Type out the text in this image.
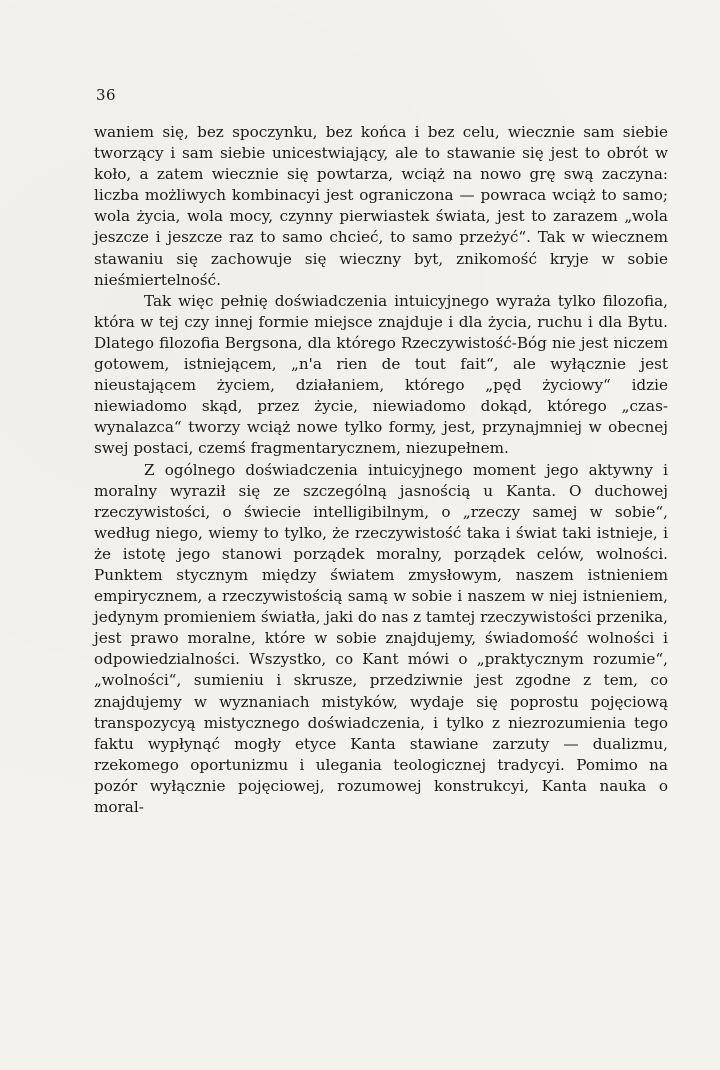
36

waniem się, bez spoczynku, bez końca i bez celu, wiecznie sam siebie tworzący i sam siebie unicestwiający, ale to stawanie się jest to obrót w koło, a zatem wiecznie się powtarza, wciąż na nowo grę swą zaczyna: liczba możliwych kombinacyi jest ograniczona — powraca wciąż to samo; wola życia, wola mocy, czynny pierwiastek świata, jest to zarazem „wola jeszcze i jeszcze raz to samo chcieć, to samo przeżyć“. Tak w wiecznem stawaniu się zachowuje się wieczny byt, znikomość kryje w sobie nieśmiertelność.

Tak więc pełnię doświadczenia intuicyjnego wyraża tylko filozofia, która w tej czy innej formie miejsce znajduje i dla życia, ruchu i dla Bytu. Dlatego filozofia Bergsona, dla którego Rzeczywistość-Bóg nie jest niczem gotowem, istniejącem, „n'a rien de tout fait“, ale wyłącznie jest nieustającem życiem, działaniem, którego „pęd życiowy“ idzie niewiadomo skąd, przez życie, niewiadomo dokąd, którego „czas-wynalazca“ tworzy wciąż nowe tylko formy, jest, przynajmniej w obecnej swej postaci, czemś fragmentarycznem, niezupełnem.

Z ogólnego doświadczenia intuicyjnego moment jego aktywny i moralny wyraził się ze szczególną jasnością u Kanta. O duchowej rzeczywistości, o świecie intelligibilnym, o „rzeczy samej w sobie“, według niego, wiemy to tylko, że rzeczywistość taka i świat taki istnieje, i że istotę jego stanowi porządek moralny, porządek celów, wolności. Punktem stycznym między światem zmysłowym, naszem istnieniem empirycznem, a rzeczywistością samą w sobie i naszem w niej istnieniem, jedynym promieniem światła, jaki do nas z tamtej rzeczywistości przenika, jest prawo moralne, które w sobie znajdujemy, świadomość wolności i odpowiedzialności. Wszystko, co Kant mówi o „praktycznym rozumie“, „wolności“, sumieniu i skrusze, przedziwnie jest zgodne z tem, co znajdujemy w wyznaniach mistyków, wydaje się poprostu pojęciową transpozycyą mistycznego doświadczenia, i tylko z niezrozumienia tego faktu wypłynąć mogły etyce Kanta stawiane zarzuty — dualizmu, rzekomego oportunizmu i ulegania teologicznej tradycyi. Pomimo na pozór wyłącznie pojęciowej, rozumowej konstrukcyi, Kanta nauka o moral-
